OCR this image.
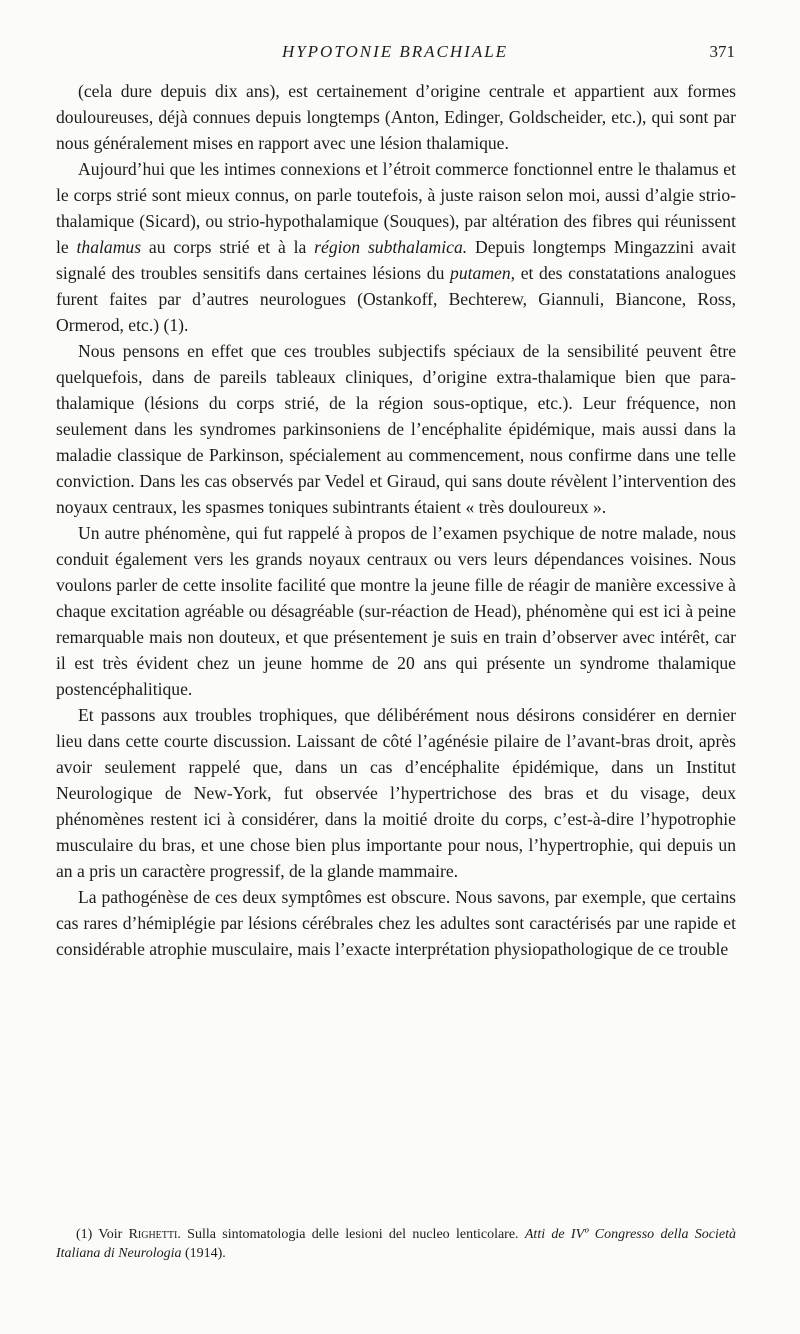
HYPOTONIE BRACHIALE	371

(cela dure depuis dix ans), est certainement d’origine centrale et appartient aux formes douloureuses, déjà connues depuis longtemps (Anton, Edinger, Goldscheider, etc.), qui sont par nous généralement mises en rapport avec une lésion thalamique.

Aujourd’hui que les intimes connexions et l’étroit commerce fonctionnel entre le thalamus et le corps strié sont mieux connus, on parle toutefois, à juste raison selon moi, aussi d’algie strio-thalamique (Sicard), ou strio-hypothalamique (Souques), par altération des fibres qui réunissent le thalamus au corps strié et à la région subthalamica. Depuis longtemps Mingazzini avait signalé des troubles sensitifs dans certaines lésions du putamen, et des constatations analogues furent faites par d’autres neurologues (Ostankoff, Bechterew, Giannuli, Biancone, Ross, Ormerod, etc.) (1).

Nous pensons en effet que ces troubles subjectifs spéciaux de la sensibilité peuvent être quelquefois, dans de pareils tableaux cliniques, d’origine extra-thalamique bien que para-thalamique (lésions du corps strié, de la région sous-optique, etc.). Leur fréquence, non seulement dans les syndromes parkinsoniens de l’encéphalite épidémique, mais aussi dans la maladie classique de Parkinson, spécialement au commencement, nous confirme dans une telle conviction. Dans les cas observés par Vedel et Giraud, qui sans doute révèlent l’intervention des noyaux centraux, les spasmes toniques subintrants étaient « très douloureux ».

Un autre phénomène, qui fut rappelé à propos de l’examen psychique de notre malade, nous conduit également vers les grands noyaux centraux ou vers leurs dépendances voisines. Nous voulons parler de cette insolite facilité que montre la jeune fille de réagir de manière excessive à chaque excitation agréable ou désagréable (sur-réaction de Head), phénomène qui est ici à peine remarquable mais non douteux, et que présentement je suis en train d’observer avec intérêt, car il est très évident chez un jeune homme de 20 ans qui présente un syndrome thalamique postencéphalitique.

Et passons aux troubles trophiques, que délibérément nous désirons considérer en dernier lieu dans cette courte discussion. Laissant de côté l’agénésie pilaire de l’avant-bras droit, après avoir seulement rappelé que, dans un cas d’encéphalite épidémique, dans un Institut Neurologique de New-York, fut observée l’hypertrichose des bras et du visage, deux phénomènes restent ici à considérer, dans la moitié droite du corps, c’est-à-dire l’hypotrophie musculaire du bras, et une chose bien plus importante pour nous, l’hypertrophie, qui depuis un an a pris un caractère progressif, de la glande mammaire.

La pathogénèse de ces deux symptômes est obscure. Nous savons, par exemple, que certains cas rares d’hémiplégie par lésions cérébrales chez les adultes sont caractérisés par une rapide et considérable atrophie musculaire, mais l’exacte interprétation physiopathologique de ce trouble

(1) Voir Righetti. Sulla sintomatologia delle lesioni del nucleo lenticolare. Atti de IVº Congresso della Società Italiana di Neurologia (1914).
